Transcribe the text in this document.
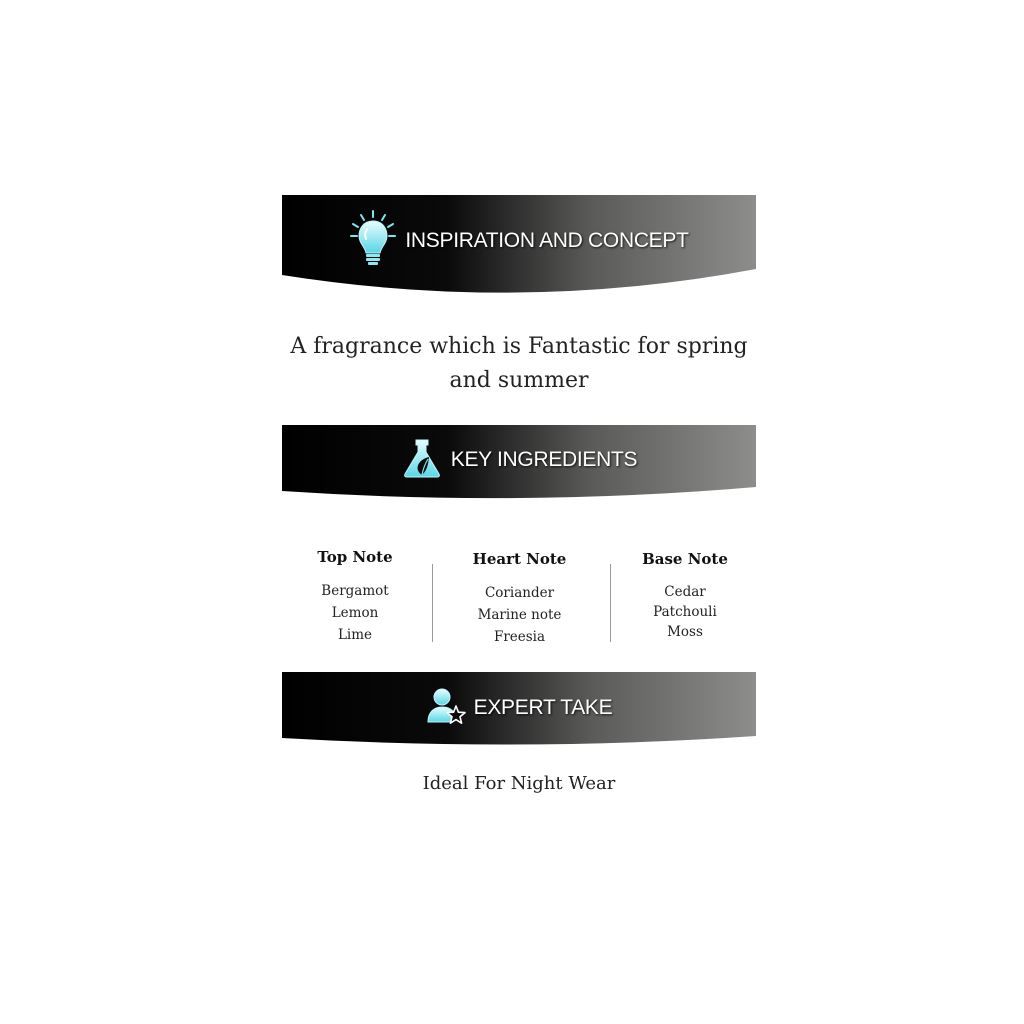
INSPIRATION AND CONCEPT
A fragrance which is Fantastic for spring and summer
KEY INGREDIENTS
Top Note
Bergamot
Lemon
Lime
Heart Note
Coriander
Marine note
Freesia
Base Note
Cedar
Patchouli
Moss
EXPERT TAKE
Ideal For Night Wear
